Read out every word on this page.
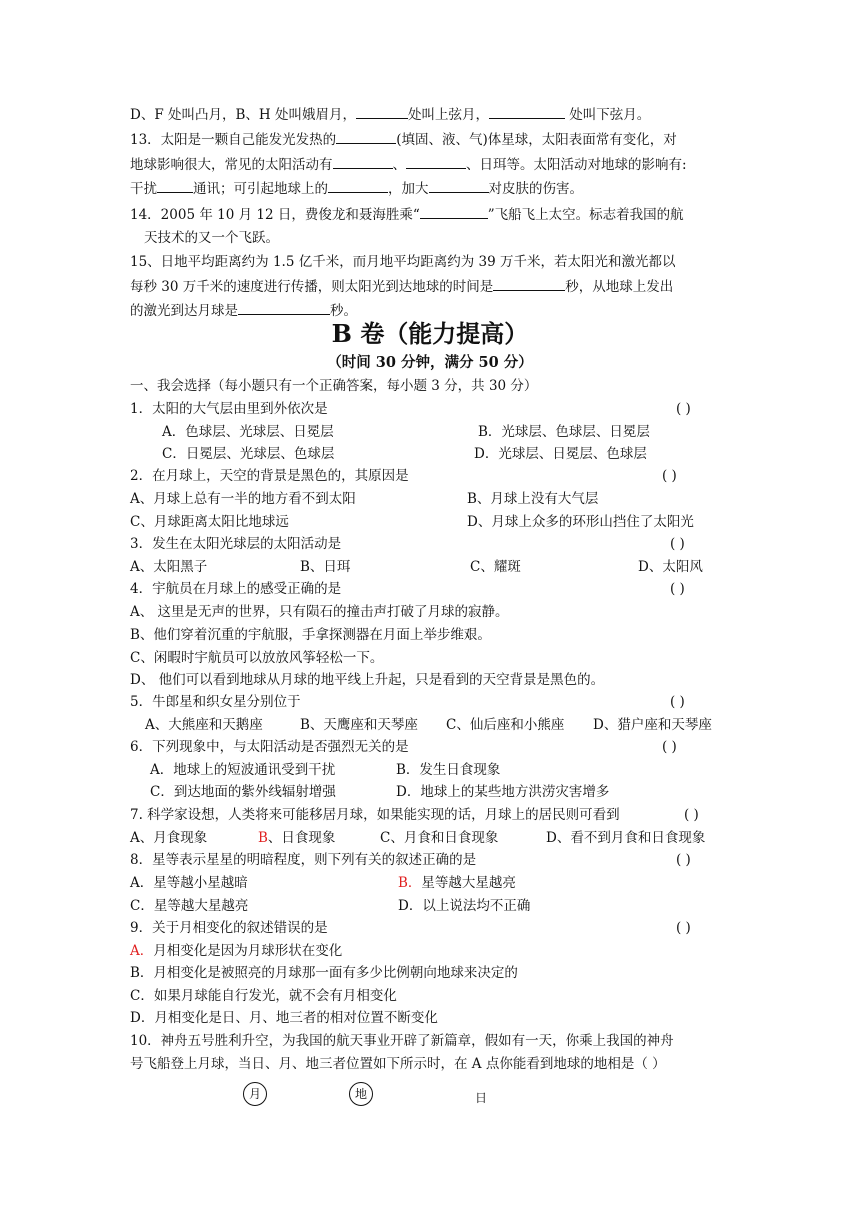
D、F 处叫凸月，B、H 处叫娥眉月，	处叫上弦月，	处叫下弦月。
13．太阳是一颗自己能发光发热的	(填固、液、气)体星球，太阳表面常有变化，对
地球影响很大，常见的太阳活动有	、	、日珥等。太阳活动对地球的影响有:
干扰	通讯；可引起地球上的	，加大	对皮肤的伤害。
14．2005 年 10 月 12 日，费俊龙和聂海胜乘“	”飞船飞上太空。标志着我国的航
天技术的又一个飞跃。
15、日地平均距离约为 1.5 亿千米，而月地平均距离约为 39 万千米，若太阳光和激光都以
每秒 30 万千米的速度进行传播，则太阳光到达地球的时间是	秒，从地球上发出
的激光到达月球是	秒。
B 卷（能力提高）
（时间 30 分钟，满分 50 分）
一、我会选择（每小题只有一个正确答案，每小题 3 分，共 30 分）
1．太阳的大气层由里到外依次是	( )
A．色球层、光球层、日冕层	B．光球层、色球层、日冕层
C．日冕层、光球层、色球层	D．光球层、日冕层、色球层
2．在月球上，天空的背景是黑色的，其原因是	( )
A、月球上总有一半的地方看不到太阳	B、月球上没有大气层
C、月球距离太阳比地球远	D、月球上众多的环形山挡住了太阳光
3．发生在太阳光球层的太阳活动是	( )
A、太阳黑子	B、日珥	C、耀斑	D、太阳风
4．宇航员在月球上的感受正确的是	( )
A、 这里是无声的世界，只有陨石的撞击声打破了月球的寂静。
B、他们穿着沉重的宇航服，手拿探测器在月面上举步维艰。
C、闲暇时宇航员可以放放风筝轻松一下。
D、 他们可以看到地球从月球的地平线上升起，只是看到的天空背景是黑色的。
5．牛郎星和织女星分别位于	( )
A、大熊座和天鹅座	B、天鹰座和天琴座 C、仙后座和小熊座 D、猎户座和天琴座
6．下列现象中，与太阳活动是否强烈无关的是	( )
A．地球上的短波通讯受到干扰	B．发生日食现象
C．到达地面的紫外线辐射增强	D．地球上的某些地方洪涝灾害增多
7. 科学家设想，人类将来可能移居月球，如果能实现的话，月球上的居民则可看到	( )
A、月食现象	B、日食现象	C、月食和日食现象	D、看不到月食和日食现象
8．星等表示星星的明暗程度，则下列有关的叙述正确的是	( )
A．星等越小星越暗	B．星等越大星越亮
C．星等越大星越亮	D．以上说法均不正确
9．关于月相变化的叙述错误的是	( )
A．月相变化是因为月球形状在变化
B．月相变化是被照亮的月球那一面有多少比例朝向地球来决定的
C．如果月球能自行发光，就不会有月相变化
D．月相变化是日、月、地三者的相对位置不断变化
10．神舟五号胜利升空，为我国的航天事业开辟了新篇章，假如有一天，你乘上我国的神舟
号飞船登上月球，当日、月、地三者位置如下所示时，在 A 点你能看到地球的地相是（ ）
月	地	日
